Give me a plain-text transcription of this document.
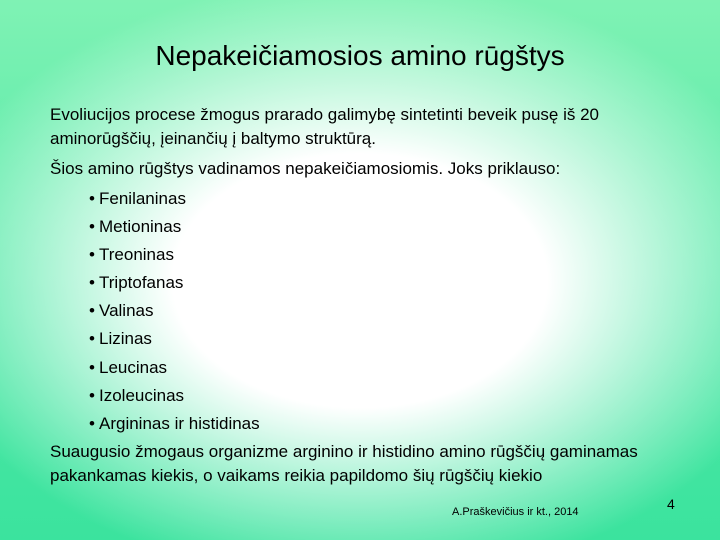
Nepakeičiamosios amino rūgštys

Evoliucijos procese žmogus prarado galimybę sintetinti beveik pusę iš 20 aminorūgščių, įeinančių į baltymo struktūrą.

Šios amino rūgštys vadinamos nepakeičiamosiomis. Joks priklauso:

• Fenilaninas
• Metioninas
• Treoninas
• Triptofanas
• Valinas
• Lizinas
• Leucinas
• Izoleucinas
• Argininas ir histidinas

Suaugusio žmogaus organizme arginino ir histidino amino rūgščių gaminamas pakankamas kiekis, o vaikams reikia papildomo šių rūgščių kiekio

A.Praškevičius ir kt., 2014	4
